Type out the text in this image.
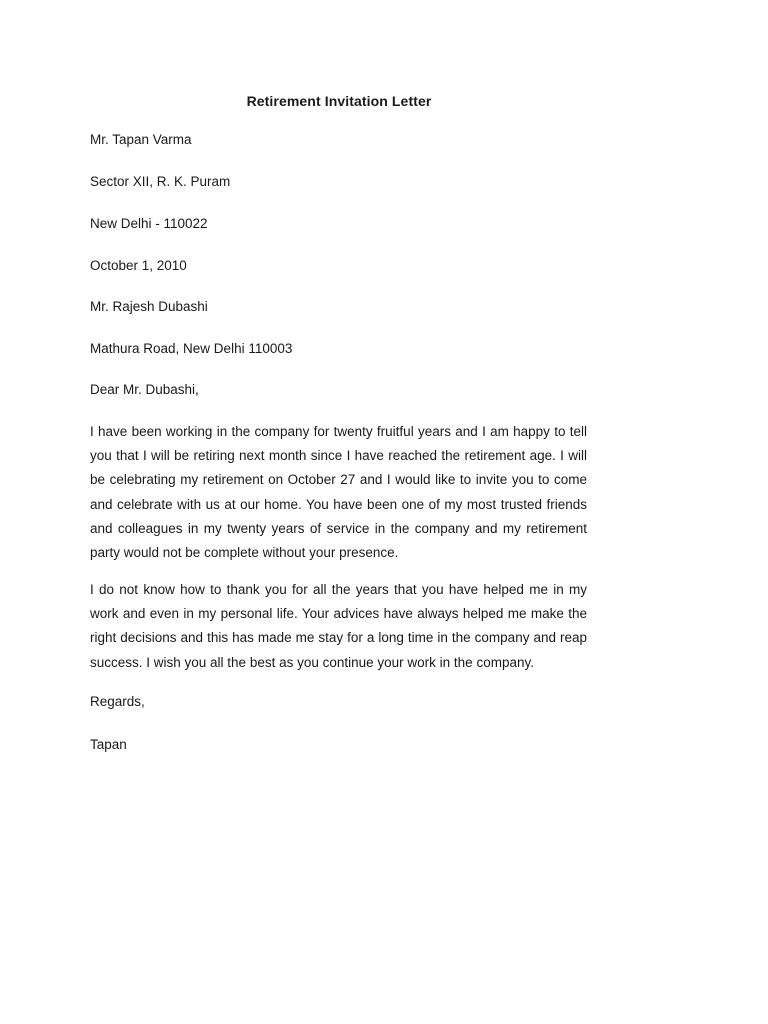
Retirement Invitation Letter
Mr. Tapan Varma
Sector XII, R. K. Puram
New Delhi - 110022
October 1, 2010
Mr. Rajesh Dubashi
Mathura Road, New Delhi 110003
Dear Mr. Dubashi,
I have been working in the company for twenty fruitful years and I am happy to tell you that I will be retiring next month since I have reached the retirement age. I will be celebrating my retirement on October 27 and I would like to invite you to come and celebrate with us at our home. You have been one of my most trusted friends and colleagues in my twenty years of service in the company and my retirement party would not be complete without your presence.
I do not know how to thank you for all the years that you have helped me in my work and even in my personal life. Your advices have always helped me make the right decisions and this has made me stay for a long time in the company and reap success. I wish you all the best as you continue your work in the company.
Regards,
Tapan
